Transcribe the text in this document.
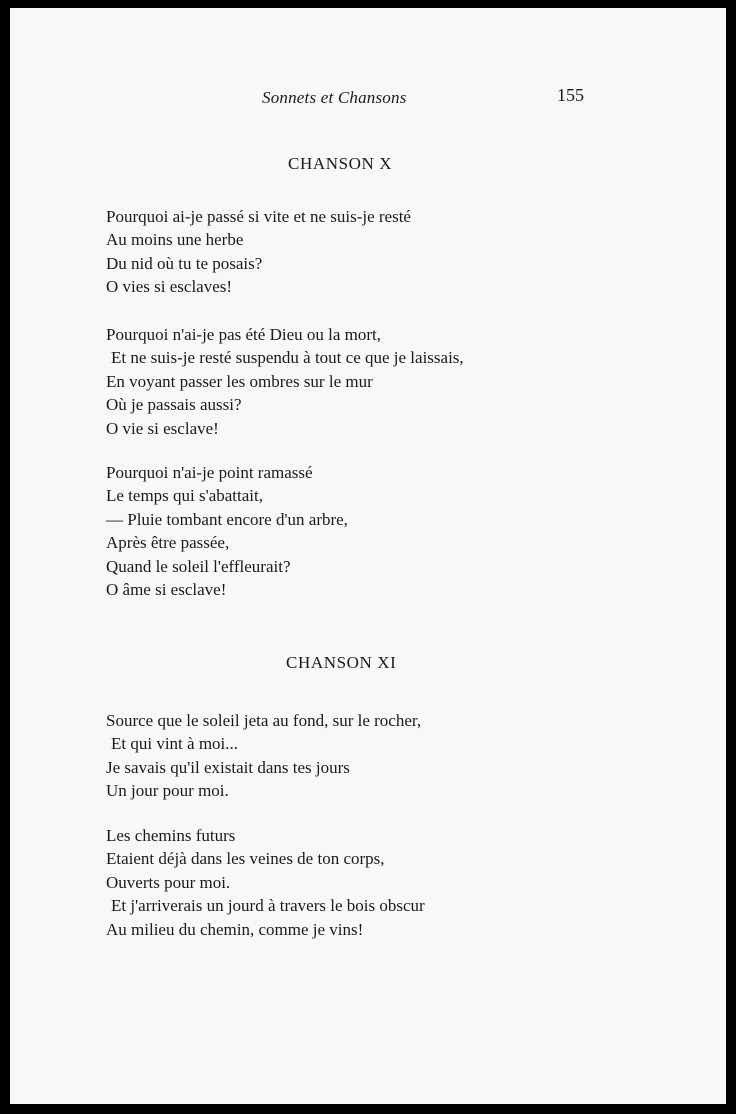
Sonnets et Chansons	155
CHANSON X
Pourquoi ai-je passé si vite et ne suis-je resté
Au moins une herbe
Du nid où tu te posais?
O vies si esclaves!
Pourquoi n'ai-je pas été Dieu ou la mort,
Et ne suis-je resté suspendu à tout ce que je laissais,
En voyant passer les ombres sur le mur
Où je passais aussi?
O vie si esclave!
Pourquoi n'ai-je point ramassé
Le temps qui s'abattait,
— Pluie tombant encore d'un arbre,
Après être passée,
Quand le soleil l'effleurait?
O âme si esclave!
CHANSON XI
Source que le soleil jeta au fond, sur le rocher,
Et qui vint à moi...
Je savais qu'il existait dans tes jours
Un jour pour moi.
Les chemins futurs
Etaient déjà dans les veines de ton corps,
Ouverts pour moi.
Et j'arriverais un jourd à travers le bois obscur
Au milieu du chemin, comme je vins!
